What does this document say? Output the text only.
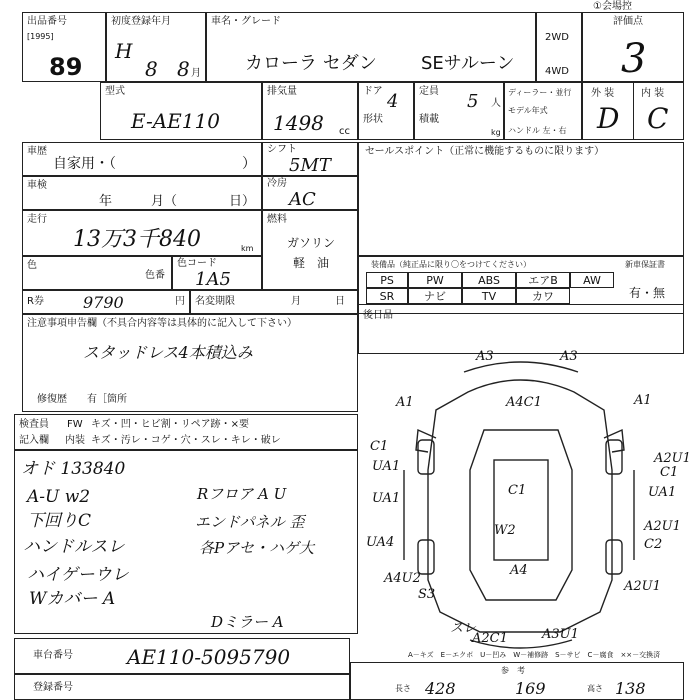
出品番号
[1995]
89
初度登録年月
H
8 8 月
車名・グレード
カローラ セダン SEサルーン
2WD
4WD
①会場控
評価点
3
型式
E-AE110
排気量
1498 cc
ドア 4
形状
定員 5 人
積載
kg
ディーラー・並行
モデル年式
ハンドル 左・右
外 装	内 装
D C
車歴
自家用・（　　　　　　　　　）
シフト
5MT
車検
年　　　月（　　　　日）
冷房
AC
走行
13万3千840	km
燃料
ガソリン
軽　油
色
色番
色コード
1A5
R券 9790	円 名変期限	月	日
セールスポイント（正常に機能するものに限ります）
装備品（純正品に限り〇をつけてください）	新車保証書
有・無
PS	PW	ABS	エアB	AW
SR	ナビ	TV	カワ
注意事項申告欄（不具合内容等は具体的に記入して下さい）
スタッドレス4本積込み
修復歴　　有［箇所
後日品
検査員
記入欄
FW キズ・凹・ヒビ割・リペア跡・×要
内装 キズ・汚レ・コゲ・穴・スレ・キレ・破レ
オド 133840
A-U w2
下回りC
ハンドルスレ
ハイゲーウレ
Wカバー A
Rフロア A U
エンドパネル 歪
各Pアセ・ハゲ大
Dミラー A
車台番号	AE110-5095790
登録番号
A3	A3
A1	A4C1	A1
C1
UA1
A2U1
C1
C1
UA1	UA1
UA4
W2	A2U1
C2
A4
A4U2
S3
A2U1
スレ
A2C1	A3U1
A－キズ　E－エクボ　U－凹み　W－補修跡　S－サビ　C－腐食　××－交換済
参　考
長さ 428	169	高さ 138
